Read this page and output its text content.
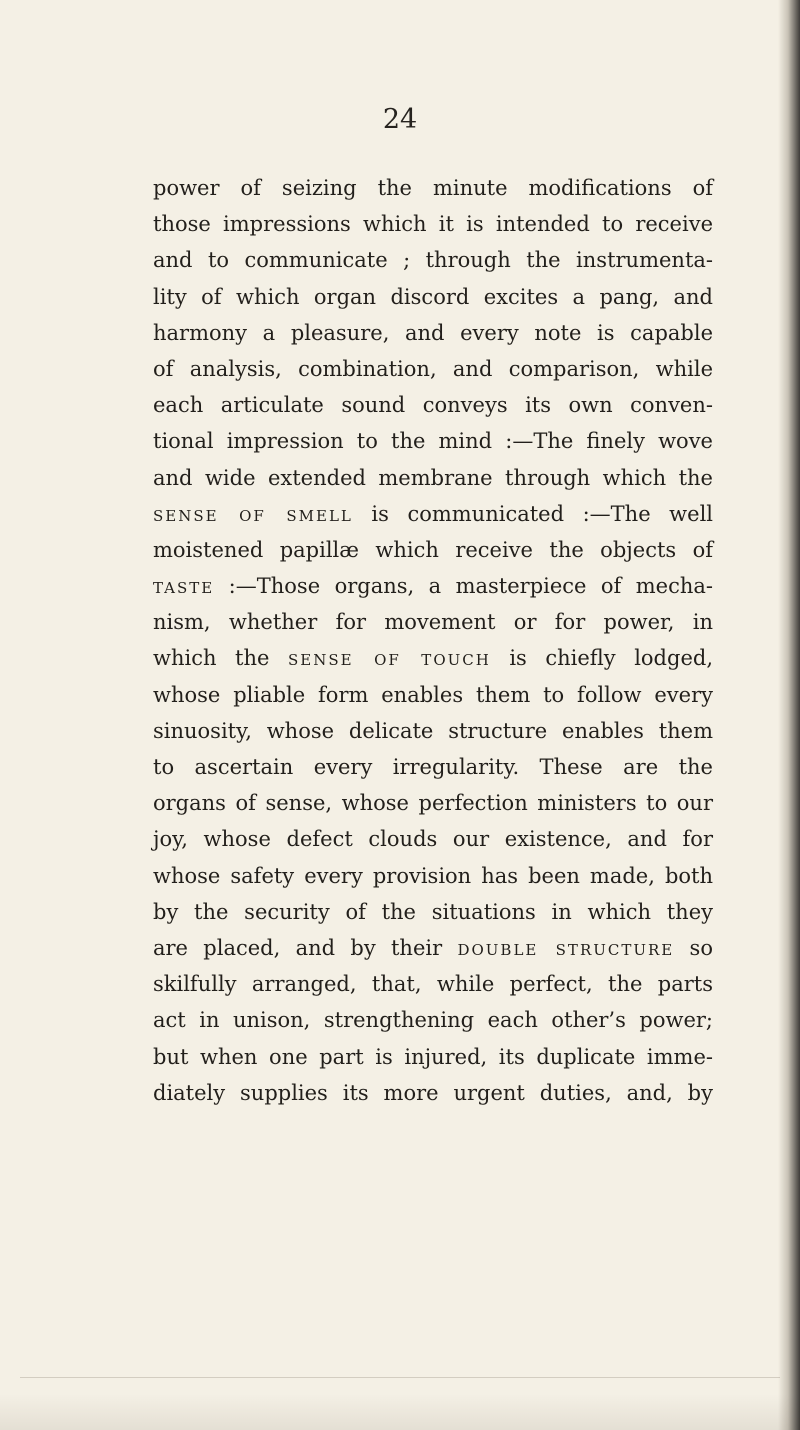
24
power of seizing the minute modifications of
those impressions which it is intended to receive
and to communicate ; through the instrumenta-
lity of which organ discord excites a pang, and
harmony a pleasure, and every note is capable
of analysis, combination, and comparison, while
each articulate sound conveys its own conven-
tional impression to the mind :—The finely wove
and wide extended membrane through which the
sense of smell is communicated :—The well
moistened papillæ which receive the objects of
taste :—Those organs, a masterpiece of mecha-
nism, whether for movement or for power, in
which the sense of touch is chiefly lodged,
whose pliable form enables them to follow every
sinuosity, whose delicate structure enables them
to ascertain every irregularity. These are the
organs of sense, whose perfection ministers to our
joy, whose defect clouds our existence, and for
whose safety every provision has been made, both
by the security of the situations in which they
are placed, and by their double structure so
skilfully arranged, that, while perfect, the parts
act in unison, strengthening each other’s power;
but when one part is injured, its duplicate imme-
diately supplies its more urgent duties, and, by
